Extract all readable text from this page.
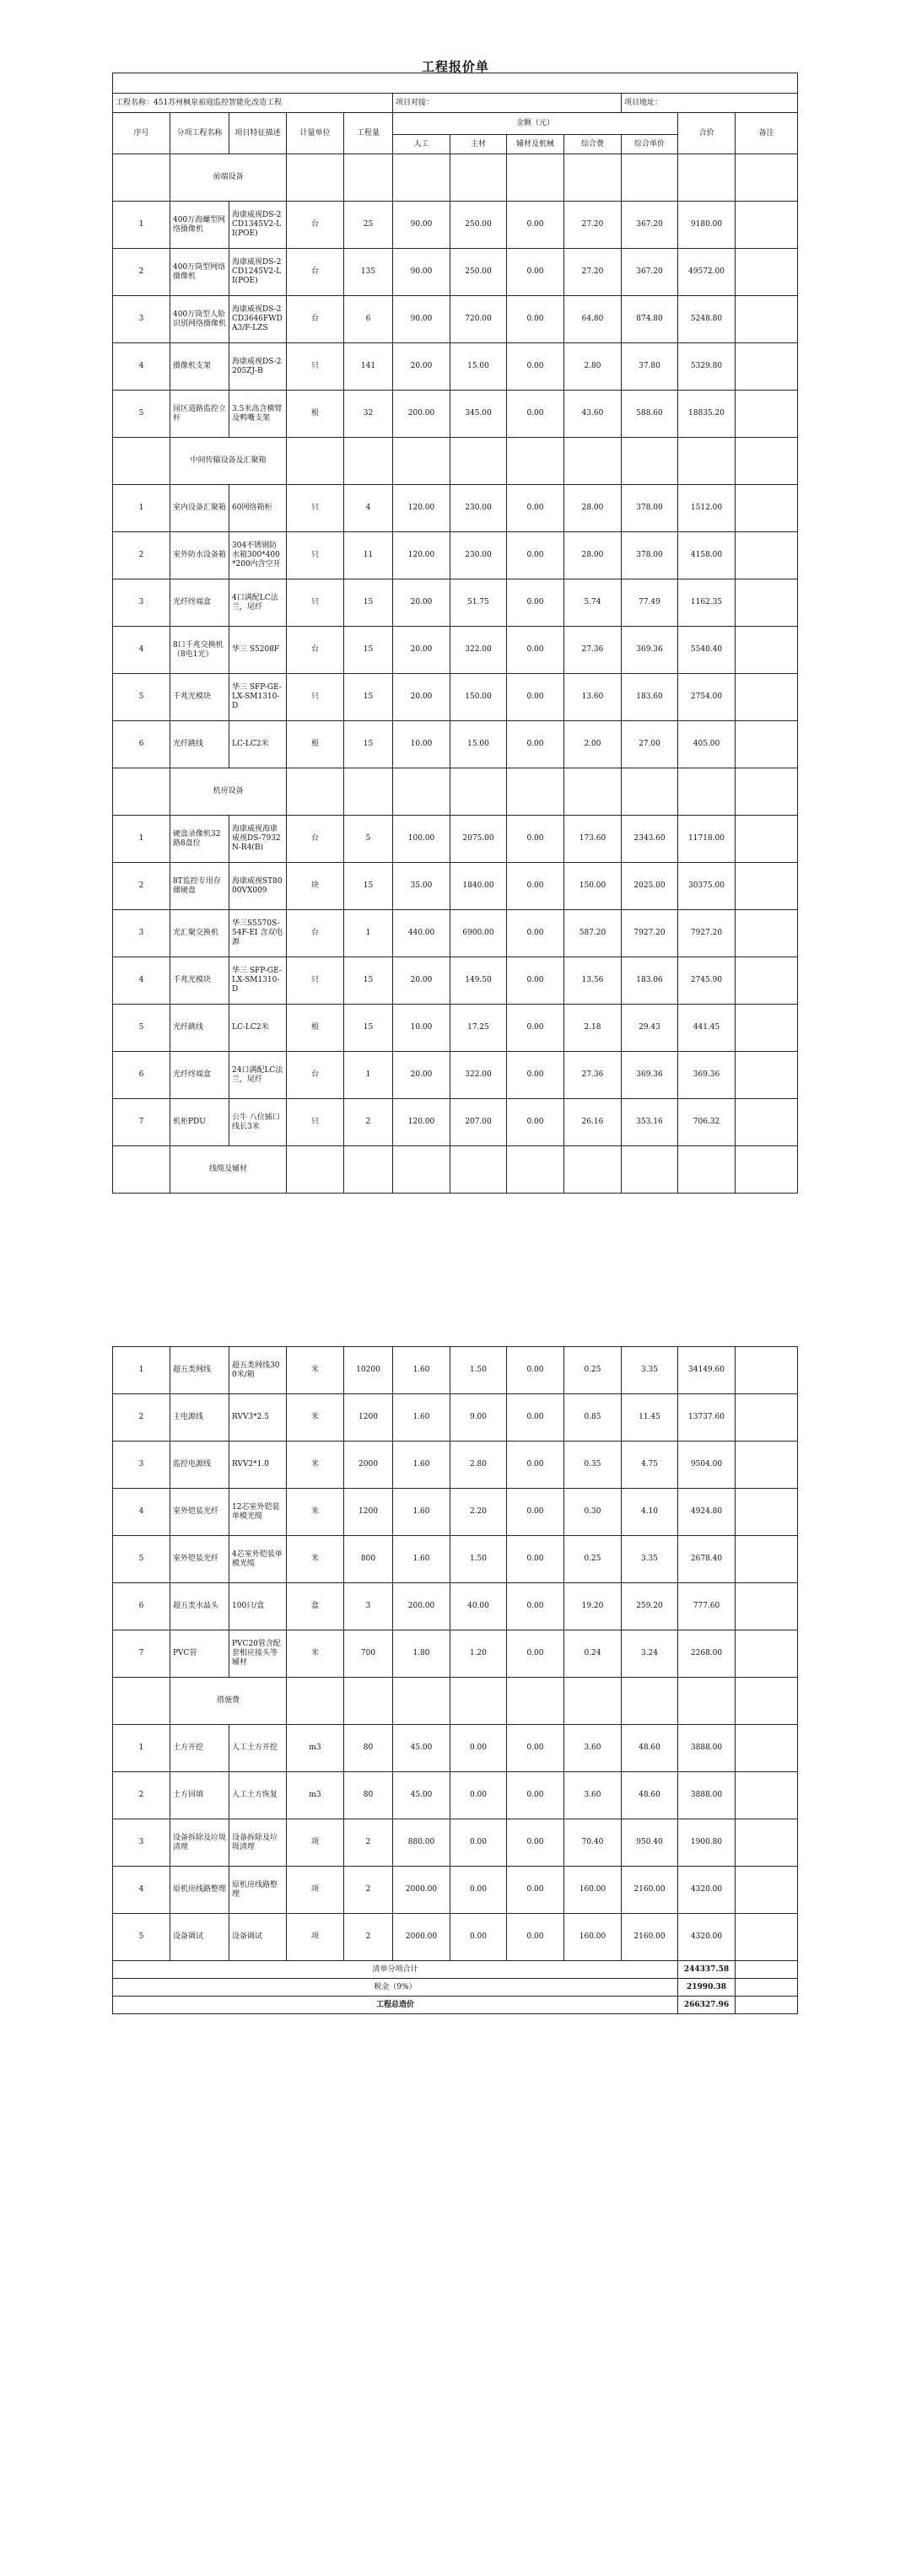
工程报价单

工程名称：451苏州枫泉裕庭监控智能化改造工程					项目对接：				项目地址：		
序号	分项工程名称	项目特征描述	计量单位	工程量	金额（元）					合价	备注
					人工	主材	辅材及机械	综合费	综合单价		
	前端设备										
1	400万海螺型网络摄像机	海康威视DS-2CD1345V2-LI(POE)	台	25	90.00	250.00	0.00	27.20	367.20	9180.00	
2	400万筒型网络摄像机	海康威视DS-2CD1245V2-LI(POE)	台	135	90.00	250.00	0.00	27.20	367.20	49572.00	
3	400万筒型人脸识别网络摄像机	海康威视DS-2CD3646FWDA3/F-LZS	台	6	90.00	720.00	0.00	64.80	874.80	5248.80	
4	摄像机支架	海康威视DS-2205ZJ-B	只	141	20.00	15.00	0.00	2.80	37.80	5329.80	
5	园区道路监控立杆	3.5米高含横臂及鸭嘴支架	根	32	200.00	345.00	0.00	43.60	588.60	18835.20	
	中间传输设备及汇聚箱										
1	室内设备汇聚箱	60网络箱柜	只	4	120.00	230.00	0.00	28.00	378.00	1512.00	
2	室外防水设备箱	304不锈钢防水箱300*400*200内含空开	只	11	120.00	230.00	0.00	28.00	378.00	4158.00	
3	光纤终端盒	4口满配LC法兰，尾纤	只	15	20.00	51.75	0.00	5.74	77.49	1162.35	
4	8口千兆交换机（8电1光）	华三 S5208F	台	15	20.00	322.00	0.00	27.36	369.36	5540.40	
5	千兆光模块	华三 SFP-GE-LX-SM1310-D	只	15	20.00	150.00	0.00	13.60	183.60	2754.00	
6	光纤跳线	LC-LC2米	根	15	10.00	15.00	0.00	2.00	27.00	405.00	
	机房设备										
1	硬盘录像机32路8盘位	海康威视海康威视DS-7932N-R4(B)	台	5	100.00	2075.00	0.00	173.60	2343.60	11718.00	
2	8T监控专用存储硬盘	海康威视ST8000VX009	块	15	35.00	1840.00	0.00	150.00	2025.00	30375.00	
3	光汇聚交换机	华三S5570S-54F-EI 含双电源	台	1	440.00	6900.00	0.00	587.20	7927.20	7927.20	
4	千兆光模块	华三 SFP-GE-LX-SM1310-D	只	15	20.00	149.50	0.00	13.56	183.06	2745.90	
5	光纤跳线	LC-LC2米	根	15	10.00	17.25	0.00	2.18	29.43	441.45	
6	光纤终端盒	24口满配LC法兰，尾纤	台	1	20.00	322.00	0.00	27.36	369.36	369.36	
7	机柜PDU	公牛 八位插口线长3米	只	2	120.00	207.00	0.00	26.16	353.16	706.32	
	线缆及辅材										
1	超五类网线	超五类网线300米/箱	米	10200	1.60	1.50	0.00	0.25	3.35	34149.60	
2	主电源线	RVV3*2.5	米	1200	1.60	9.00	0.00	0.85	11.45	13737.60	
3	监控电源线	RVV2*1.0	米	2000	1.60	2.80	0.00	0.35	4.75	9504.00	
4	室外铠装光纤	12芯室外铠装单模光缆	米	1200	1.60	2.20	0.00	0.30	4.10	4924.80	
5	室外铠装光纤	4芯室外铠装单模光缆	米	800	1.60	1.50	0.00	0.25	3.35	2678.40	
6	超五类水晶头	100只/盒	盒	3	200.00	40.00	0.00	19.20	259.20	777.60	
7	PVC管	PVC20管含配套相应接头等辅材	米	700	1.80	1.20	0.00	0.24	3.24	2268.00	
	措施费										
1	土方开挖	人工土方开挖	m3	80	45.00	0.00	0.00	3.60	48.60	3888.00	
2	土方回填	人工土方恢复	m3	80	45.00	0.00	0.00	3.60	48.60	3888.00	
3	设备拆除及垃圾清理	设备拆除及垃圾清理	项	2	880.00	0.00	0.00	70.40	950.40	1900.80	
4	原机房线路整理	原机房线路整理	项	2	2000.00	0.00	0.00	160.00	2160.00	4320.00	
5	设备调试	设备调试	项	2	2000.00	0.00	0.00	160.00	2160.00	4320.00	
清单分项合计										244337.58	
税金（9%）										21990.38	
工程总造价										266327.96	
